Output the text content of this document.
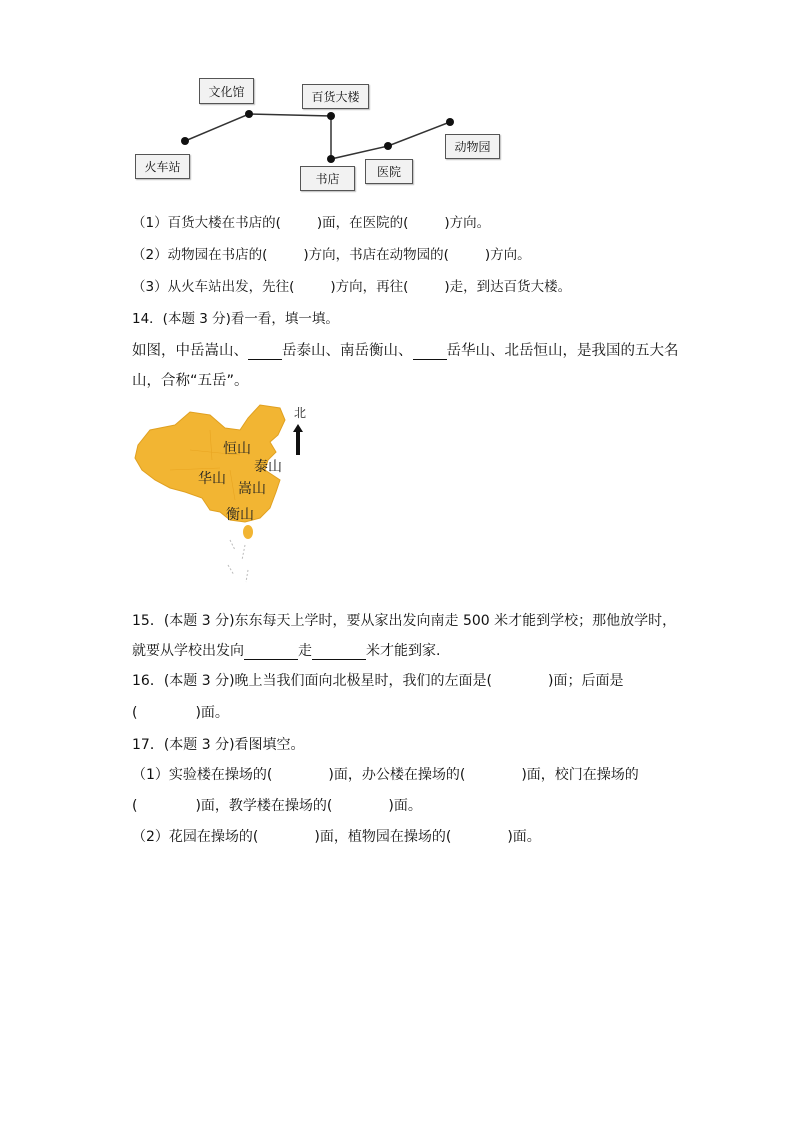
文化馆	百货大楼
火车站
书店	医院
动物园
（1）百货大楼在书店的(	)面，在医院的(	)方向。
（2）动物园在书店的(	)方向，书店在动物园的(	)方向。
（3）从火车站出发，先往(	)方向，再往(	)走，到达百货大楼。
14．(本题 3 分)看一看，填一填。
如图，中岳嵩山、 岳泰山、南岳衡山、 岳华山、北岳恒山，是我国的五大名
山，合称“五岳”。
北
恒山
泰山
华山
嵩山
衡山
15．(本题 3 分)东东每天上学时，要从家出发向南走 500 米才能到学校；那他放学时，
就要从学校出发向	走	米才能到家.
16．(本题 3 分)晚上当我们面向北极星时，我们的左面是(	)面；后面是
(	)面。
17．(本题 3 分)看图填空。
（1）实验楼在操场的(	)面，办公楼在操场的(	)面，校门在操场的
(	)面，教学楼在操场的(	)面。
（2）花园在操场的(	)面，植物园在操场的(	)面。
